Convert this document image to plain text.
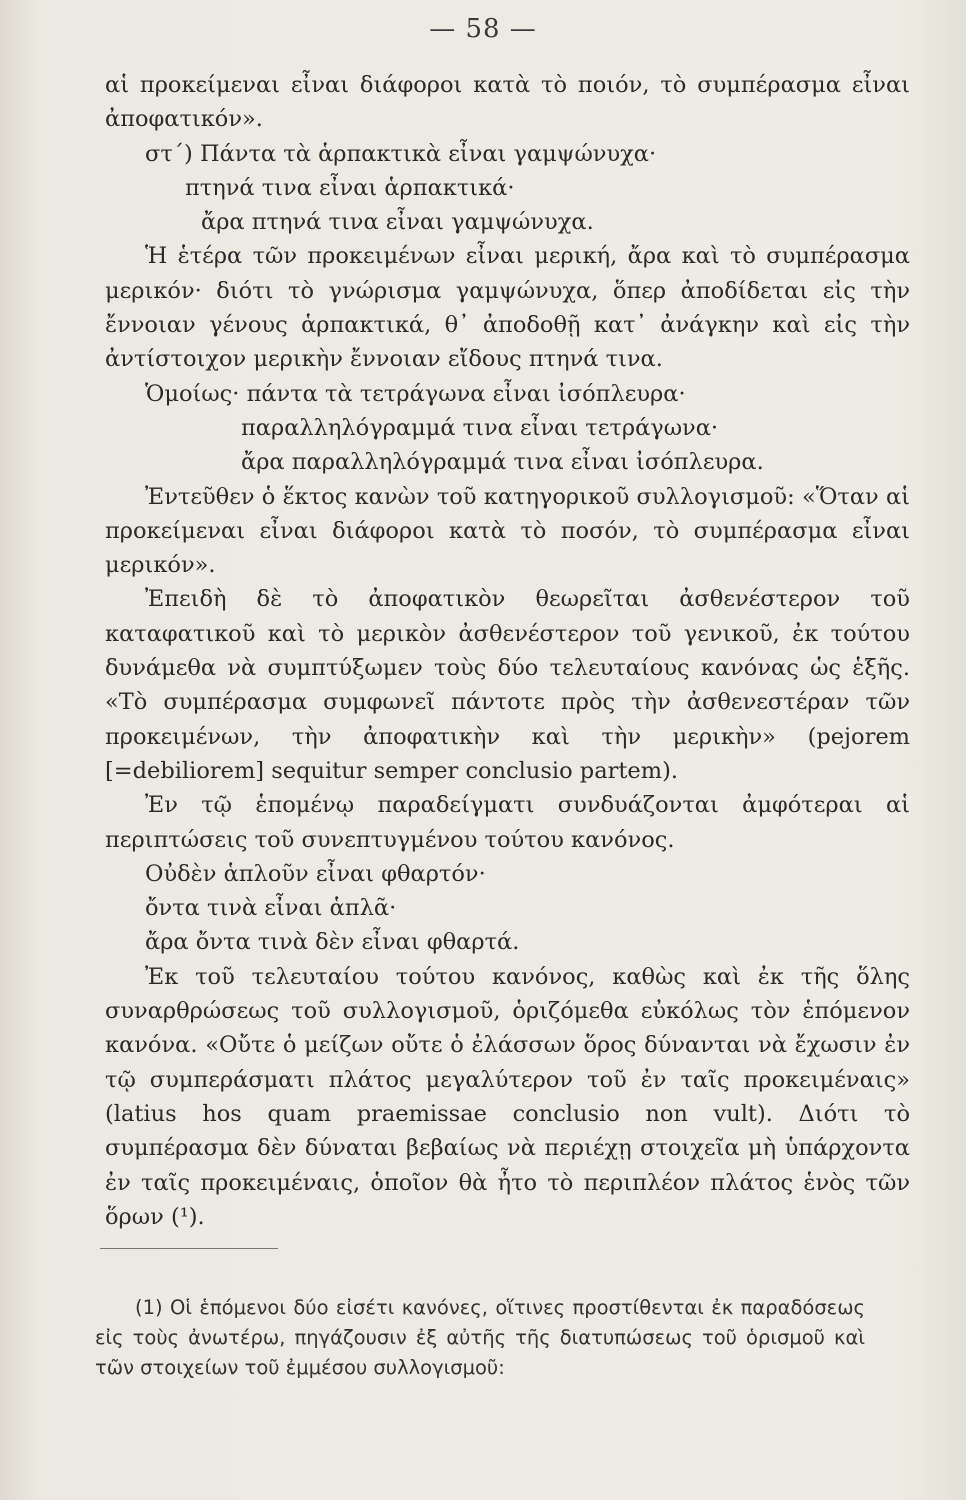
— 58 —

αἱ προκείμεναι εἶναι διάφοροι κατὰ τὸ ποιόν, τὸ συμπέρασμα εἶναι ἀποφατικόν».

στ΄) Πάντα τὰ ἁρπακτικὰ εἶναι γαμψώνυχα·

πτηνά τινα εἶναι ἁρπακτικά·

ἄρα πτηνά τινα εἶναι γαμψώνυχα.

Ἡ ἑτέρα τῶν προκειμένων εἶναι μερική, ἄρα καὶ τὸ συμπέρασμα μερικόν· διότι τὸ γνώρισμα γαμψώνυχα, ὅπερ ἀποδίδεται εἰς τὴν ἔννοιαν γένους ἁρπακτικά, θ᾽ ἀποδοθῇ κατ᾽ ἀνάγκην καὶ εἰς τὴν ἀντίστοιχον μερικὴν ἔννοιαν εἴδους πτηνά τινα.

Ὁμοίως· πάντα τὰ τετράγωνα εἶναι ἰσόπλευρα·

παραλληλόγραμμά τινα εἶναι τετράγωνα·

ἄρα παραλληλόγραμμά τινα εἶναι ἰσόπλευρα.

Ἐντεῦθεν ὁ ἕκτος κανὼν τοῦ κατηγορικοῦ συλλογισμοῦ: «Ὅταν αἱ προκείμεναι εἶναι διάφοροι κατὰ τὸ ποσόν, τὸ συμπέρασμα εἶναι μερικόν».

Ἐπειδὴ δὲ τὸ ἀποφατικὸν θεωρεῖται ἀσθενέστερον τοῦ καταφατικοῦ καὶ τὸ μερικὸν ἀσθενέστερον τοῦ γενικοῦ, ἐκ τούτου δυνάμεθα νὰ συμπτύξωμεν τοὺς δύο τελευταίους κανόνας ὡς ἑξῆς. «Τὸ συμπέρασμα συμφωνεῖ πάντοτε πρὸς τὴν ἀσθενεστέραν τῶν προκειμένων, τὴν ἀποφατικὴν καὶ τὴν μερικὴν» (pejorem [=debiliorem] sequitur semper conclusio partem).

Ἐν τῷ ἑπομένῳ παραδείγματι συνδυάζονται ἀμφότεραι αἱ περιπτώσεις τοῦ συνεπτυγμένου τούτου κανόνος.

Οὐδὲν ἁπλοῦν εἶναι φθαρτόν·

ὄντα τινὰ εἶναι ἁπλᾶ·

ἄρα ὄντα τινὰ δὲν εἶναι φθαρτά.

Ἐκ τοῦ τελευταίου τούτου κανόνος, καθὼς καὶ ἐκ τῆς ὅλης συναρθρώσεως τοῦ συλλογισμοῦ, ὁριζόμεθα εὐκόλως τὸν ἑπόμενον κανόνα. «Οὔτε ὁ μείζων οὔτε ὁ ἐλάσσων ὅρος δύνανται νὰ ἔχωσιν ἐν τῷ συμπεράσματι πλάτος μεγαλύτερον τοῦ ἐν ταῖς προκειμέναις» (latius hos quam praemissae conclusio non vult). Διότι τὸ συμπέρασμα δὲν δύναται βεβαίως νὰ περιέχῃ στοιχεῖα μὴ ὑπάρχοντα ἐν ταῖς προκειμέναις, ὁποῖον θὰ ἦτο τὸ περιπλέον πλάτος ἑνὸς τῶν ὅρων (¹).

(1) Οἱ ἑπόμενοι δύο εἰσέτι κανόνες, οἵτινες προστίθενται ἐκ παραδόσεως εἰς τοὺς ἀνωτέρω, πηγάζουσιν ἐξ αὐτῆς τῆς διατυπώσεως τοῦ ὁρισμοῦ καὶ τῶν στοιχείων τοῦ ἐμμέσου συλλογισμοῦ:
